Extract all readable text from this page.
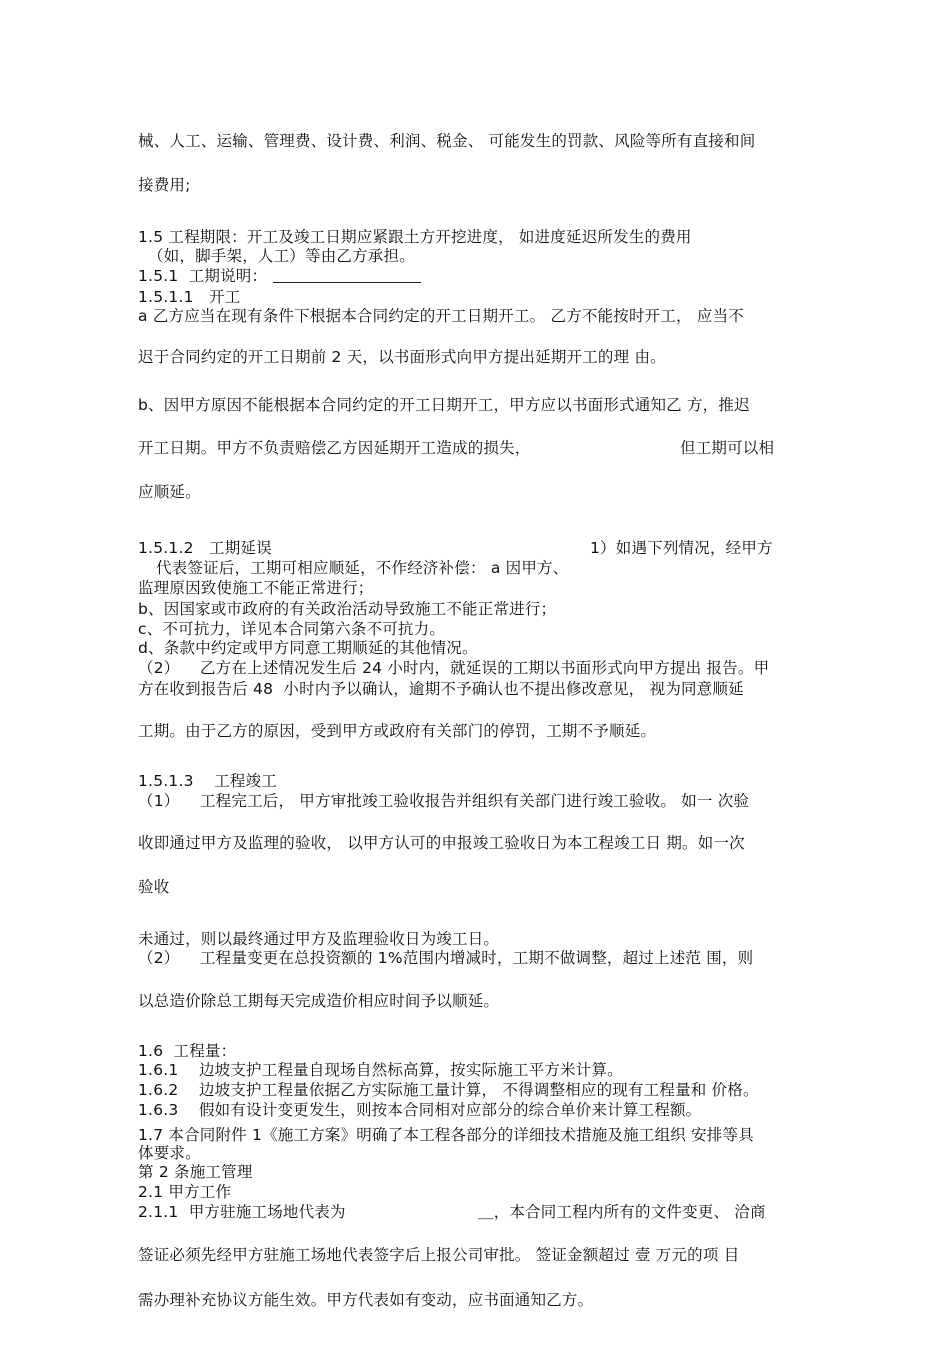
械、人工、运输、管理费、设计费、利润、税金、 可能发生的罚款、风险等所有直接和间
接费用;
1.5 工程期限：开工及竣工日期应紧跟土方开挖进度， 如进度延迟所发生的费用
（如，脚手架，人工）等由乙方承担。
1.5.1  工期说明：
1.5.1.1   开工
a 乙方应当在现有条件下根据本合同约定的开工日期开工。 乙方不能按时开工， 应当不
迟于合同约定的开工日期前 2 天，以书面形式向甲方提出延期开工的理 由。
b、因甲方原因不能根据本合同约定的开工日期开工，甲方应以书面形式通知乙 方，推迟
开工日期。甲方不负责赔偿乙方因延期开工造成的损失，	但工期可以相
应顺延。
1.5.1.2   工期延误	1）如遇下列情况，经甲方
代表签证后，工期可相应顺延，不作经济补偿： a 因甲方、
监理原因致使施工不能正常进行；
b、因国家或市政府的有关政治活动导致施工不能正常进行；
c、不可抗力，详见本合同第六条不可抗力。
d、条款中约定或甲方同意工期顺延的其他情况。
（2）    乙方在上述情况发生后 24 小时内，就延误的工期以书面形式向甲方提出 报告。甲
方在收到报告后 48  小时内予以确认，逾期不予确认也不提出修改意见， 视为同意顺延
工期。由于乙方的原因，受到甲方或政府有关部门的停罚，工期不予顺延。
1.5.1.3    工程竣工
（1）    工程完工后， 甲方审批竣工验收报告并组织有关部门进行竣工验收。 如一 次验
收即通过甲方及监理的验收， 以甲方认可的申报竣工验收日为本工程竣工日 期。如一次
验收
未通过，则以最终通过甲方及监理验收日为竣工日。
（2）    工程量变更在总投资额的 1%范围内增减时，工期不做调整，超过上述范 围，则
以总造价除总工期每天完成造价相应时间予以顺延。
1.6  工程量：
1.6.1    边坡支护工程量自现场自然标高算，按实际施工平方米计算。
1.6.2    边坡支护工程量依据乙方实际施工量计算， 不得调整相应的现有工程量和 价格。
1.6.3    假如有设计变更发生，则按本合同相对应部分的综合单价来计算工程额。
1.7 本合同附件 1《施工方案》明确了本工程各部分的详细技术措施及施工组织 安排等具
体要求。
第 2 条施工管理
2.1 甲方工作
2.1.1  甲方驻施工场地代表为	＿，本合同工程内所有的文件变更、 洽商
签证必须先经甲方驻施工场地代表签字后上报公司审批。 签证金额超过 壹 万元的项 目
需办理补充协议方能生效。甲方代表如有变动，应书面通知乙方。
